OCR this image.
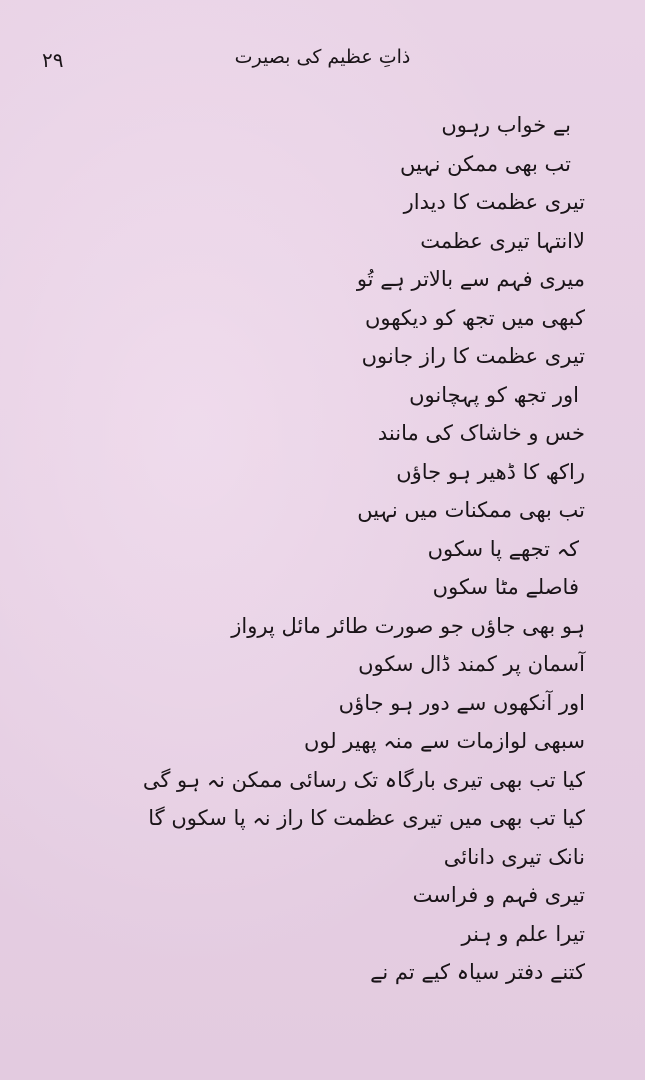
۲۹	ذاتِ عظیم کی بصیرت
بے خواب رہوں
تب بھی ممکن نہیں
تیری عظمت کا دیدار
لاانتہا تیری عظمت
میری فہم سے بالاتر ہے تُو
کبھی میں تجھ کو دیکھوں
تیری عظمت کا راز جانوں
اور تجھ کو پہچانوں
خس و خاشاک کی مانند
راکھ کا ڈھیر ہو جاؤں
تب بھی ممکنات میں نہیں
کہ تجھے پا سکوں
فاصلے مٹا سکوں
ہو بھی جاؤں جو صورت طائر مائل پرواز
آسمان پر کمند ڈال سکوں
اور آنکھوں سے دور ہو جاؤں
سبھی لوازمات سے منہ پھیر لوں
کیا تب بھی تیری بارگاہ تک رسائی ممکن نہ ہو گی
کیا تب بھی میں تیری عظمت کا راز نہ پا سکوں گا
نانک تیری دانائی
تیری فہم و فراست
تیرا علم و ہنر
کتنے دفتر سیاہ کیے تم نے
